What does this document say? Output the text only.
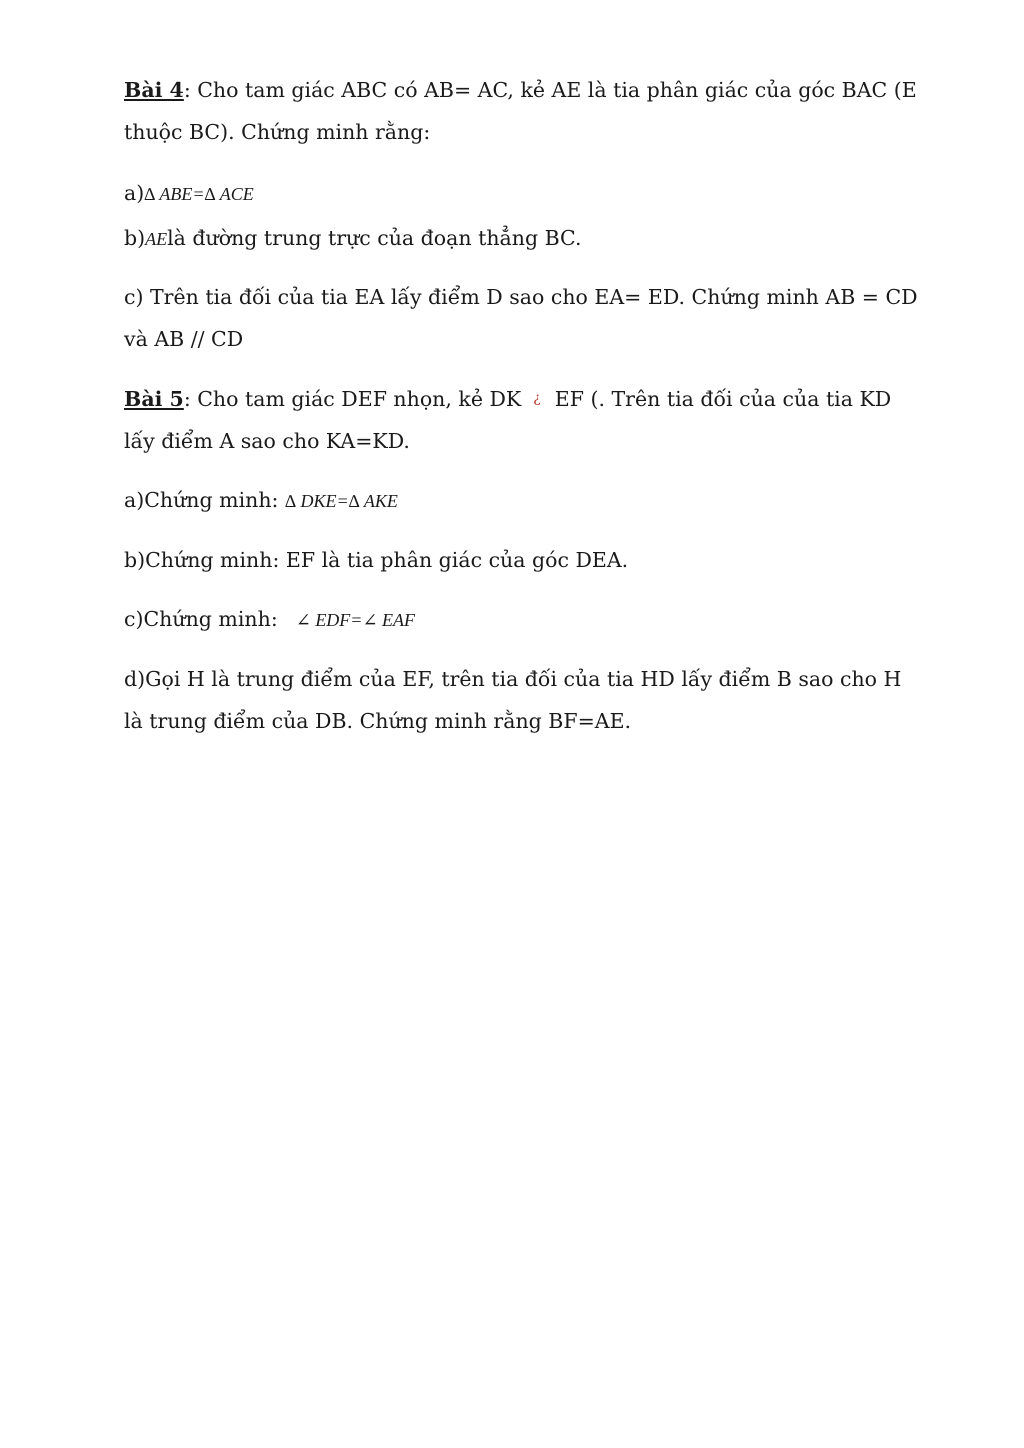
Bài 4: Cho tam giác ABC có AB= AC, kẻ AE là tia phân giác của góc BAC (E
thuộc BC). Chứng minh rằng:
a)∆ ABE=∆ ACE
b)AElà đường trung trực của đoạn thẳng BC.
c) Trên tia đối của tia EA lấy điểm D sao cho EA= ED. Chứng minh AB = CD
và AB // CD
Bài 5: Cho tam giác DEF nhọn, kẻ DK ¿ EF (. Trên tia đối của của tia KD
lấy điểm A sao cho KA=KD.
a)Chứng minh: ∆ DKE=∆ AKE
b)Chứng minh: EF là tia phân giác của góc DEA.
c)Chứng minh: ∠ EDF=∠ EAF
d)Gọi H là trung điểm của EF, trên tia đối của tia HD lấy điểm B sao cho H
là trung điểm của DB. Chứng minh rằng BF=AE.
